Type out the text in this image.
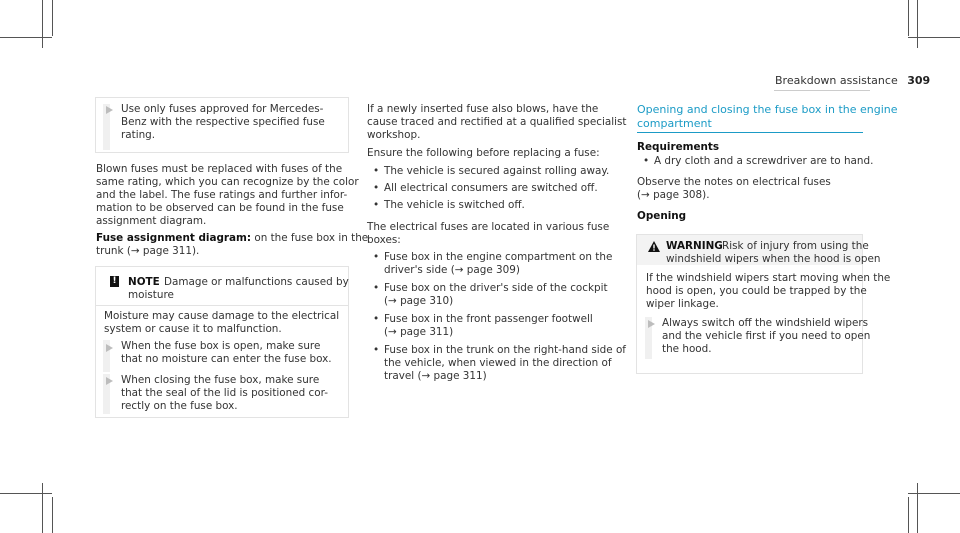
Breakdown assistance 309
Use only fuses approved for Mercedes-
Benz with the respective specified fuse
rating.
Blown fuses must be replaced with fuses of the
same rating, which you can recognize by the color
and the label. The fuse ratings and further infor-
mation to be observed can be found in the fuse
assignment diagram.
Fuse assignment diagram: on the fuse box in the
trunk (→ page 311).
! NOTE Damage or malfunctions caused by
moisture
Moisture may cause damage to the electrical
system or cause it to malfunction.
When the fuse box is open, make sure
that no moisture can enter the fuse box.
When closing the fuse box, make sure
that the seal of the lid is positioned cor-
rectly on the fuse box.
If a newly inserted fuse also blows, have the
cause traced and rectified at a qualified specialist
workshop.
Ensure the following before replacing a fuse:
• The vehicle is secured against rolling away.
• All electrical consumers are switched off.
• The vehicle is switched off.
The electrical fuses are located in various fuse
boxes:
• Fuse box in the engine compartment on the
driver's side (→ page 309)
• Fuse box on the driver's side of the cockpit
(→ page 310)
• Fuse box in the front passenger footwell
(→ page 311)
• Fuse box in the trunk on the right-hand side of
the vehicle, when viewed in the direction of
travel (→ page 311)
Opening and closing the fuse box in the engine
compartment
Requirements
• A dry cloth and a screwdriver are to hand.
Observe the notes on electrical fuses
(→ page 308).
Opening
WARNING Risk of injury from using the
windshield wipers when the hood is open
If the windshield wipers start moving when the
hood is open, you could be trapped by the
wiper linkage.
Always switch off the windshield wipers
and the vehicle first if you need to open
the hood.
